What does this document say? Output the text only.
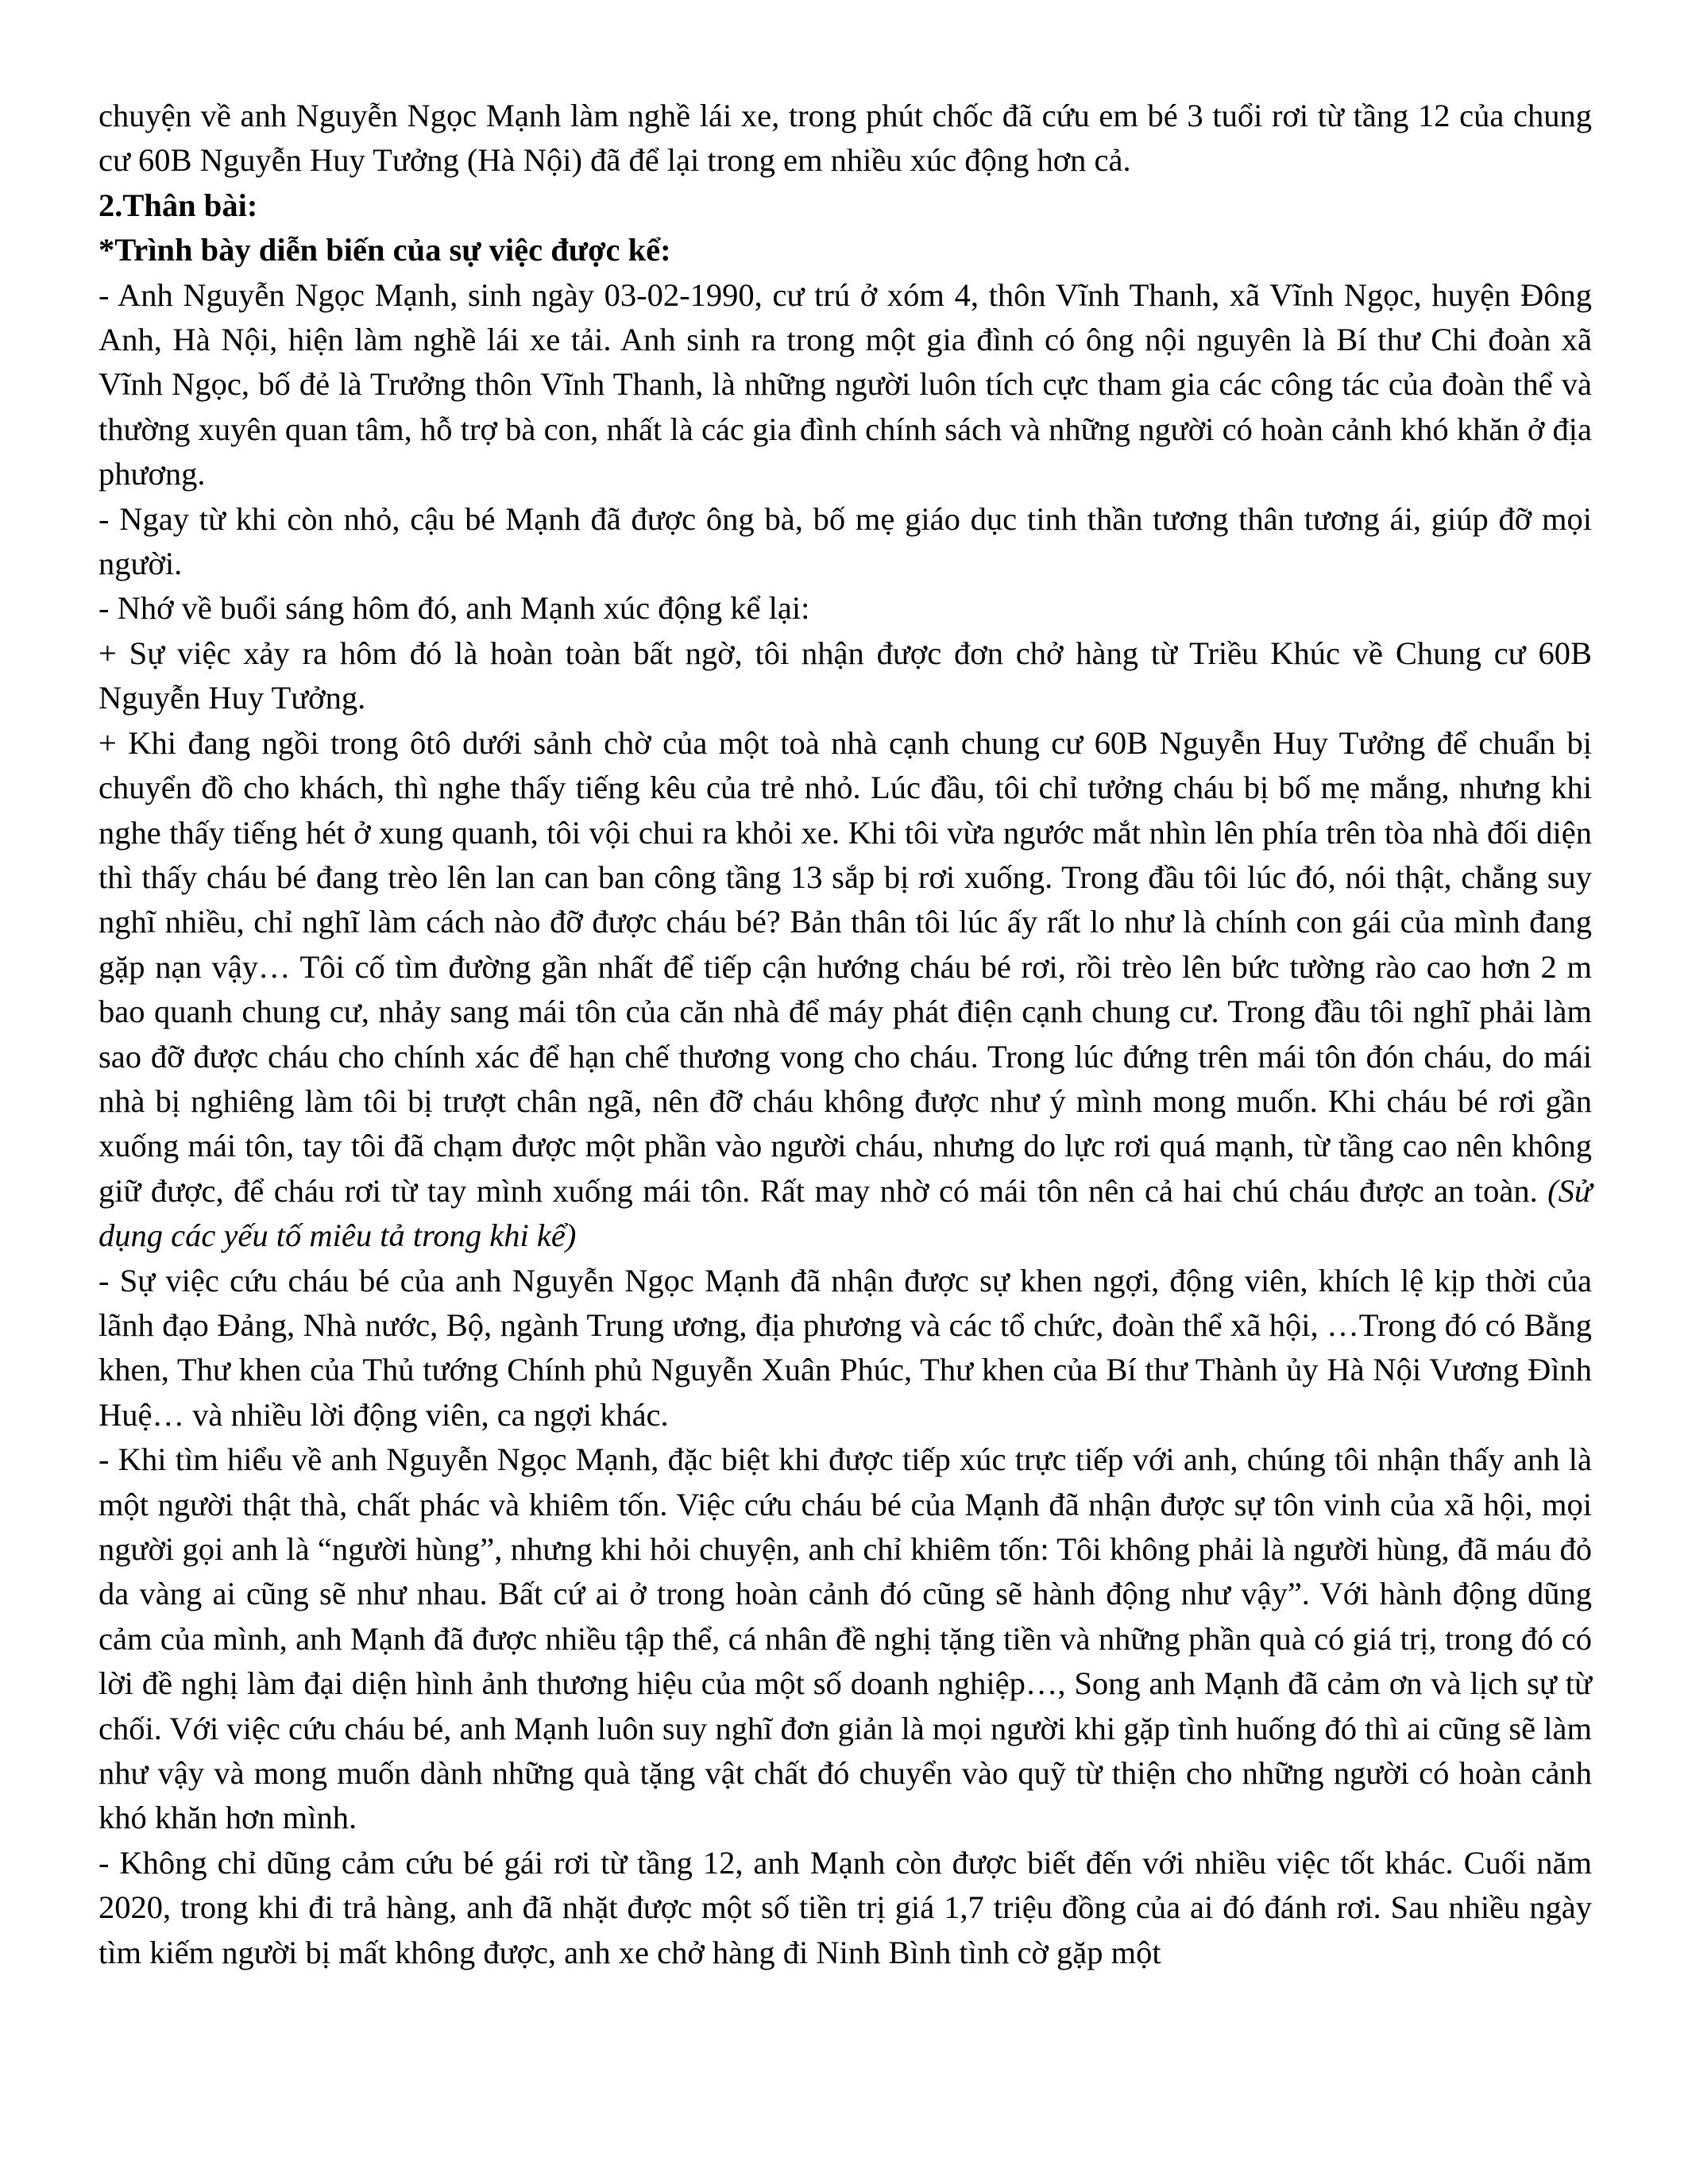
chuyện về anh Nguyễn Ngọc Mạnh làm nghề lái xe, trong phút chốc đã cứu em bé 3 tuổi rơi từ tầng 12 của chung cư 60B Nguyễn Huy Tưởng (Hà Nội) đã để lại trong em nhiều xúc động hơn cả.

2.Thân bài:

*Trình bày diễn biến của sự việc được kể:

- Anh Nguyễn Ngọc Mạnh, sinh ngày 03-02-1990, cư trú ở xóm 4, thôn Vĩnh Thanh, xã Vĩnh Ngọc, huyện Đông Anh, Hà Nội, hiện làm nghề lái xe tải. Anh sinh ra trong một gia đình có ông nội nguyên là Bí thư Chi đoàn xã Vĩnh Ngọc, bố đẻ là Trưởng thôn Vĩnh Thanh, là những người luôn tích cực tham gia các công tác của đoàn thể và thường xuyên quan tâm, hỗ trợ bà con, nhất là các gia đình chính sách và những người có hoàn cảnh khó khăn ở địa phương.

- Ngay từ khi còn nhỏ, cậu bé Mạnh đã được ông bà, bố mẹ giáo dục tinh thần tương thân tương ái, giúp đỡ mọi người.

- Nhớ về buổi sáng hôm đó, anh Mạnh xúc động kể lại:

+ Sự việc xảy ra hôm đó là hoàn toàn bất ngờ, tôi nhận được đơn chở hàng từ Triều Khúc về Chung cư 60B Nguyễn Huy Tưởng.

+ Khi đang ngồi trong ôtô dưới sảnh chờ của một toà nhà cạnh chung cư 60B Nguyễn Huy Tưởng để chuẩn bị chuyển đồ cho khách, thì nghe thấy tiếng kêu của trẻ nhỏ. Lúc đầu, tôi chỉ tưởng cháu bị bố mẹ mắng, nhưng khi nghe thấy tiếng hét ở xung quanh, tôi vội chui ra khỏi xe. Khi tôi vừa ngước mắt nhìn lên phía trên tòa nhà đối diện thì thấy cháu bé đang trèo lên lan can ban công tầng 13 sắp bị rơi xuống. Trong đầu tôi lúc đó, nói thật, chẳng suy nghĩ nhiều, chỉ nghĩ làm cách nào đỡ được cháu bé? Bản thân tôi lúc ấy rất lo như là chính con gái của mình đang gặp nạn vậy… Tôi cố tìm đường gần nhất để tiếp cận hướng cháu bé rơi, rồi trèo lên bức tường rào cao hơn 2 m bao quanh chung cư, nhảy sang mái tôn của căn nhà để máy phát điện cạnh chung cư. Trong đầu tôi nghĩ phải làm sao đỡ được cháu cho chính xác để hạn chế thương vong cho cháu. Trong lúc đứng trên mái tôn đón cháu, do mái nhà bị nghiêng làm tôi bị trượt chân ngã, nên đỡ cháu không được như ý mình mong muốn. Khi cháu bé rơi gần xuống mái tôn, tay tôi đã chạm được một phần vào người cháu, nhưng do lực rơi quá mạnh, từ tầng cao nên không giữ được, để cháu rơi từ tay mình xuống mái tôn. Rất may nhờ có mái tôn nên cả hai chú cháu được an toàn. (Sử dụng các yếu tố miêu tả trong khi kể)

- Sự việc cứu cháu bé của anh Nguyễn Ngọc Mạnh đã nhận được sự khen ngợi, động viên, khích lệ kịp thời của lãnh đạo Đảng, Nhà nước, Bộ, ngành Trung ương, địa phương và các tổ chức, đoàn thể xã hội, …Trong đó có Bằng khen, Thư khen của Thủ tướng Chính phủ Nguyễn Xuân Phúc, Thư khen của Bí thư Thành ủy Hà Nội Vương Đình Huệ… và nhiều lời động viên, ca ngợi khác.

- Khi tìm hiểu về anh Nguyễn Ngọc Mạnh, đặc biệt khi được tiếp xúc trực tiếp với anh, chúng tôi nhận thấy anh là một người thật thà, chất phác và khiêm tốn. Việc cứu cháu bé của Mạnh đã nhận được sự tôn vinh của xã hội, mọi người gọi anh là “người hùng”, nhưng khi hỏi chuyện, anh chỉ khiêm tốn: Tôi không phải là người hùng, đã máu đỏ da vàng ai cũng sẽ như nhau. Bất cứ ai ở trong hoàn cảnh đó cũng sẽ hành động như vậy”. Với hành động dũng cảm của mình, anh Mạnh đã được nhiều tập thể, cá nhân đề nghị tặng tiền và những phần quà có giá trị, trong đó có lời đề nghị làm đại diện hình ảnh thương hiệu của một số doanh nghiệp…, Song anh Mạnh đã cảm ơn và lịch sự từ chối. Với việc cứu cháu bé, anh Mạnh luôn suy nghĩ đơn giản là mọi người khi gặp tình huống đó thì ai cũng sẽ làm như vậy và mong muốn dành những quà tặng vật chất đó chuyển vào quỹ từ thiện cho những người có hoàn cảnh khó khăn hơn mình.

- Không chỉ dũng cảm cứu bé gái rơi từ tầng 12, anh Mạnh còn được biết đến với nhiều việc tốt khác. Cuối năm 2020, trong khi đi trả hàng, anh đã nhặt được một số tiền trị giá 1,7 triệu đồng của ai đó đánh rơi. Sau nhiều ngày tìm kiếm người bị mất không được, anh xe chở hàng đi Ninh Bình tình cờ gặp một
